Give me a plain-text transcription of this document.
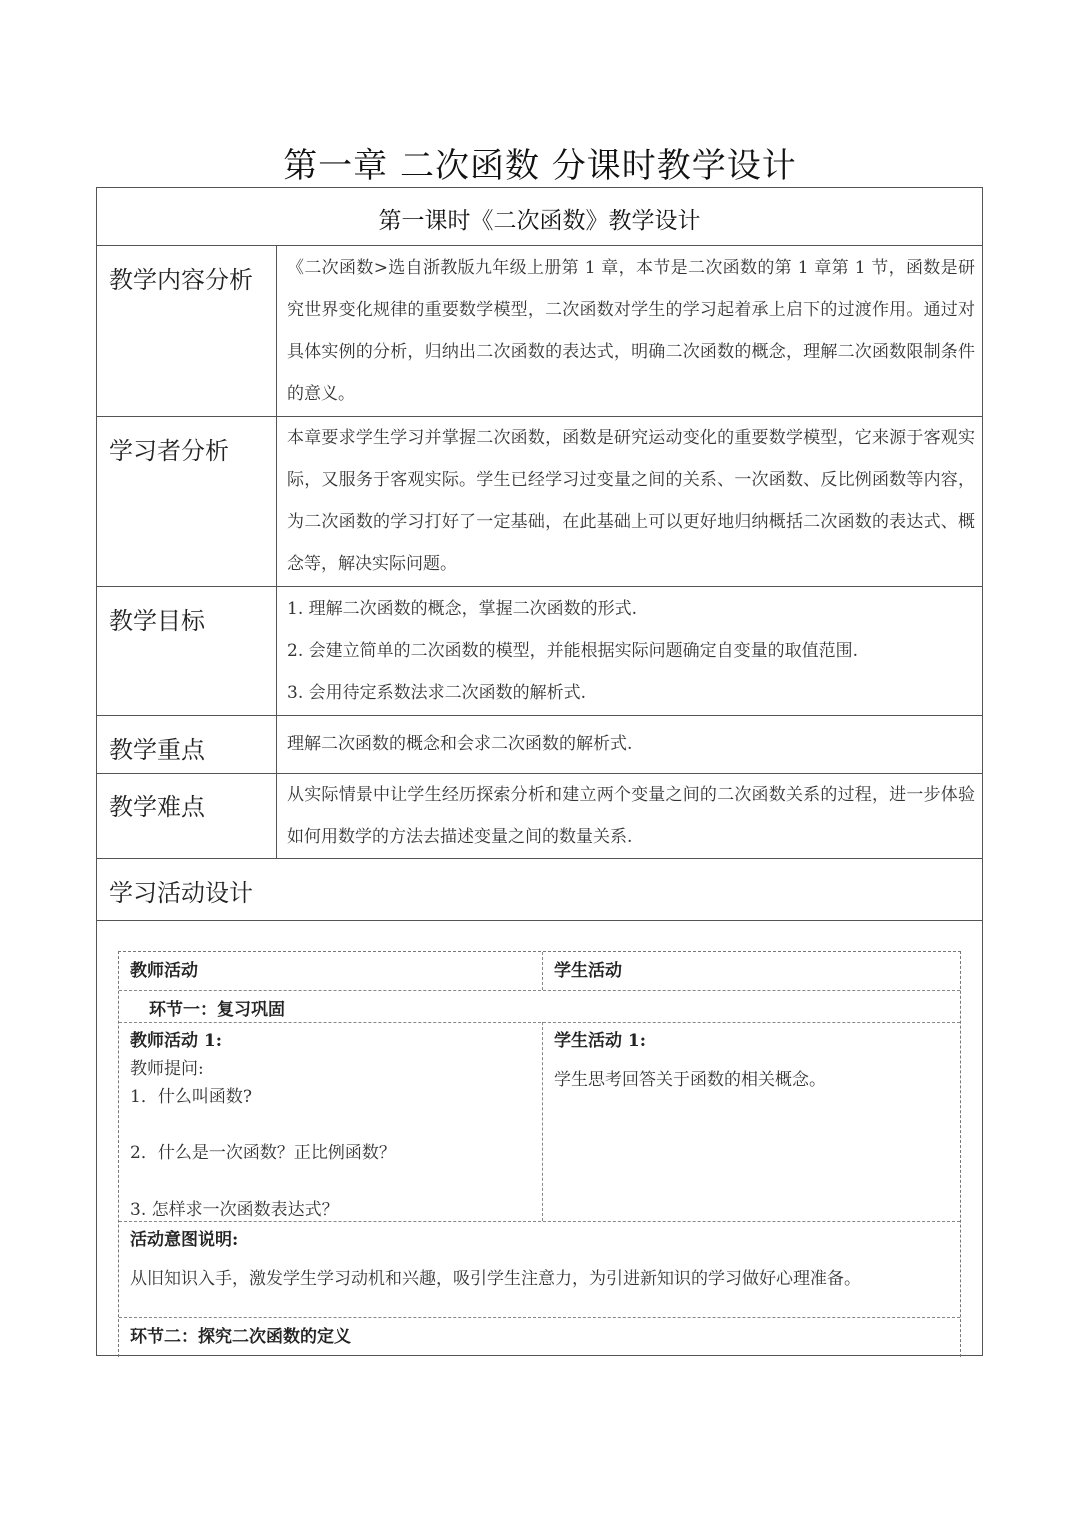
第一章 二次函数 分课时教学设计
第一课时《二次函数》教学设计
教学内容分析 《二次函数>选自浙教版九年级上册第 1 章，本节是二次函数的第 1 章第 1 节，函数是研究世界变化规律的重要数学模型，二次函数对学生的学习起着承上启下的过渡作用。通过对具体实例的分析，归纳出二次函数的表达式，明确二次函数的概念，理解二次函数限制条件的意义。

学习者分析	本章要求学生学习并掌握二次函数，函数是研究运动变化的重要数学模型，它来源于客观实际，又服务于客观实际。学生已经学习过变量之间的关系、一次函数、反比例函数等内容，为二次函数的学习打好了一定基础，在此基础上可以更好地归纳概括二次函数的表达式、概念等，解决实际问题。

教学目标	1. 理解二次函数的概念，掌握二次函数的形式.

2. 会建立简单的二次函数的模型，并能根据实际问题确定自变量的取值范围.

3. 会用待定系数法求二次函数的解析式.

教学重点	理解二次函数的概念和会求二次函数的解析式.

教学难点	从实际情景中让学生经历探索分析和建立两个变量之间的二次函数关系的过程，进一步体验如何用数学的方法去描述变量之间的数量关系.

学习活动设计
教师活动	学生活动
环节一：复习巩固
教师活动 1:
教师提问:
1．什么叫函数?
2．什么是一次函数？正比例函数？
3. 怎样求一次函数表达式？
学生活动 1:
学生思考回答关于函数的相关概念。
活动意图说明:
从旧知识入手，激发学生学习动机和兴趣，吸引学生注意力，为引进新知识的学习做好心理准备。
环节二：探究二次函数的定义
